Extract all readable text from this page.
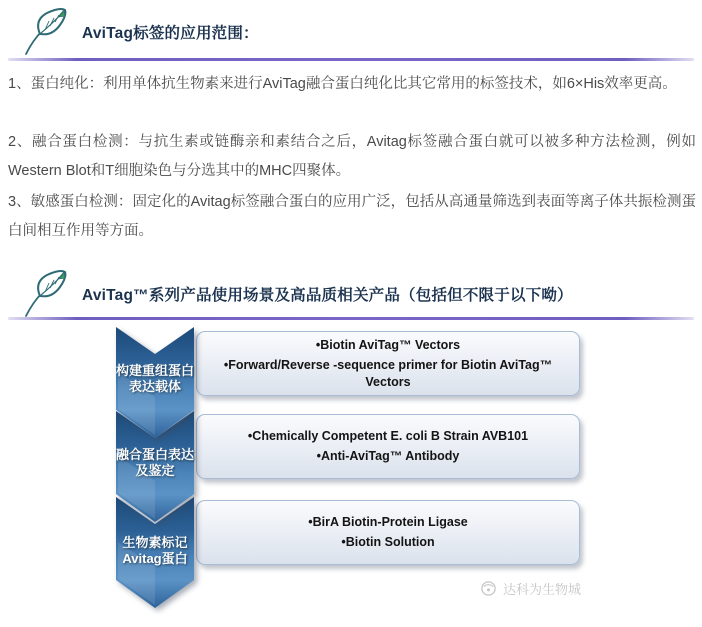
AviTag标签的应用范围：

1、蛋白纯化：利用单体抗生物素来进行AviTag融合蛋白纯化比其它常用的标签技术，如6×His效率更高。

2、融合蛋白检测：与抗生素或链酶亲和素结合之后，Avitag标签融合蛋白就可以被多种方法检测，例如Western Blot和T细胞染色与分选其中的MHC四聚体。

3、敏感蛋白检测：固定化的Avitag标签融合蛋白的应用广泛，包括从高通量筛选到表面等离子体共振检测蛋白间相互作用等方面。

AviTag™系列产品使用场景及高品质相关产品（包括但不限于以下呦）
构建重组蛋白
表达载体
•Biotin AviTag™ Vectors
•Forward/Reverse -sequence primer for Biotin AviTag™ Vectors
融合蛋白表达
及鉴定
•Chemically Competent E. coli B Strain AVB101
•Anti-AviTag™ Antibody
生物素标记
Avitag蛋白
•BirA Biotin-Protein Ligase
•Biotin Solution
达科为生物城
